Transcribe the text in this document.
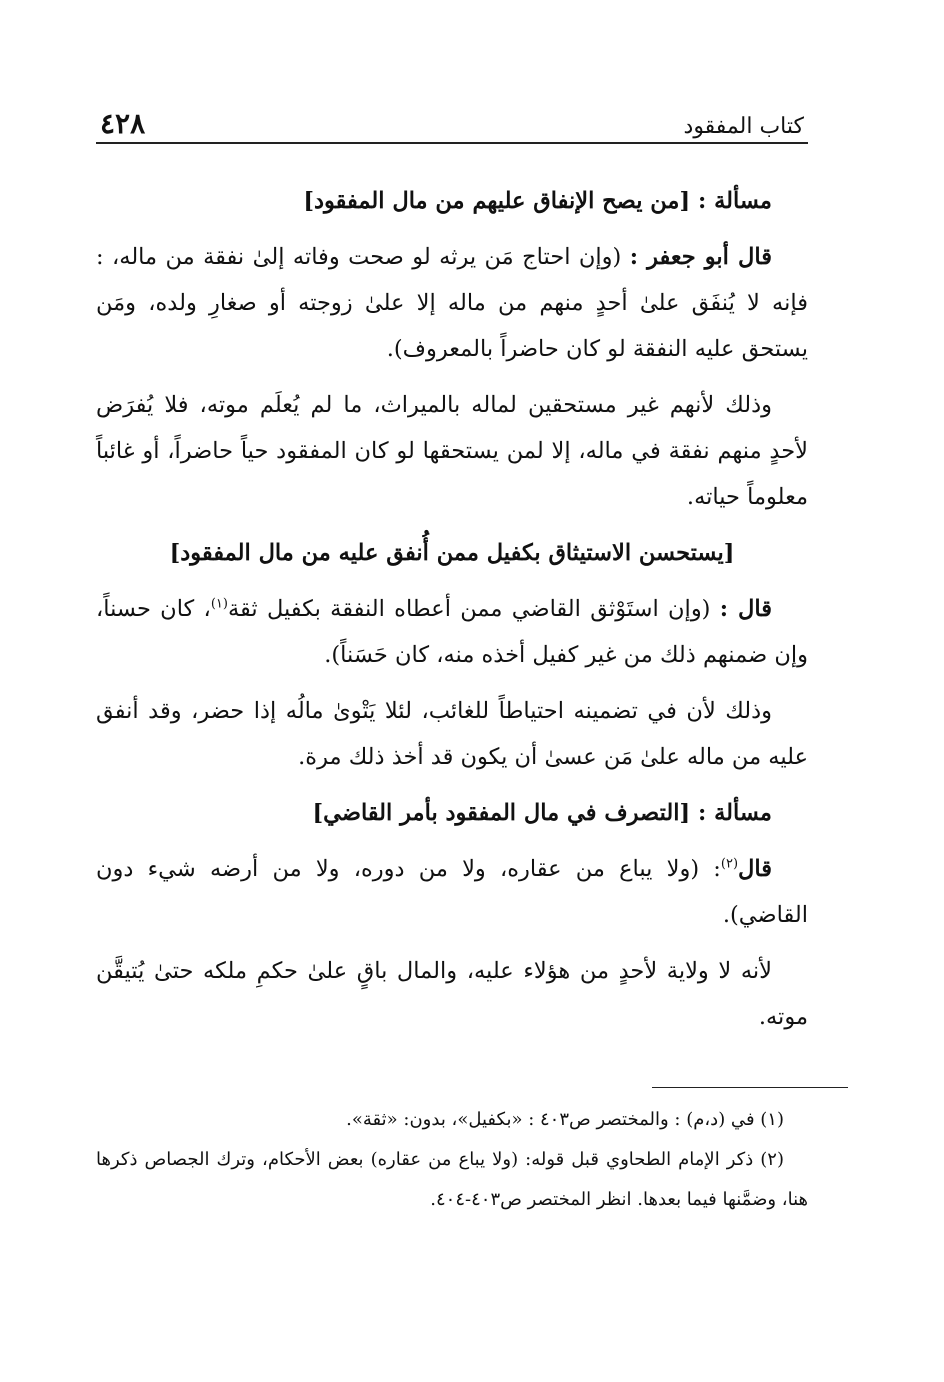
كتاب المفقود
٤٢٨

مسألة : [من يصح الإنفاق عليهم من مال المفقود]

قال أبو جعفر : (وإن احتاج مَن يرثه لو صحت وفاته إلىٰ نفقة من ماله، : فإنه لا يُنفَق علىٰ أحدٍ منهم من ماله إلا علىٰ زوجته أو صغارِ ولده، ومَن يستحق عليه النفقة لو كان حاضراً بالمعروف).

وذلك لأنهم غير مستحقين لماله بالميراث، ما لم يُعلَم موته، فلا يُفرَض لأحدٍ منهم نفقة في ماله، إلا لمن يستحقها لو كان المفقود حياً حاضراً، أو غائباً معلوماً حياته.

[يستحسن الاستيثاق بكفيل ممن أُنفق عليه من مال المفقود]

قال : (وإن استَوْثق القاضي ممن أعطاه النفقة بكفيل ثقة$^{(١)}$، كان حسناً، وإن ضمنهم ذلك من غير كفيل أخذه منه، كان حَسَناً).

وذلك لأن في تضمينه احتياطاً للغائب، لئلا يَتْوىٰ مالُه إذا حضر، وقد أنفق عليه من ماله علىٰ مَن عسىٰ أن يكون قد أخذ ذلك مرة.

مسألة : [التصرف في مال المفقود بأمر القاضي]

قال$^{(٢)}$: (ولا يباع من عقاره، ولا من دوره، ولا من أرضه شيء دون القاضي).

لأنه لا ولاية لأحدٍ من هؤلاء عليه، والمال باقٍ علىٰ حكمِ ملكه حتىٰ يُتيقَّن موته.

(١) في (د،م) : والمختصر ص٤٠٣ : «بكفيل»، بدون: «ثقة».

(٢) ذكر الإمام الطحاوي قبل قوله: (ولا يباع من عقاره) بعض الأحكام، وترك الجصاص ذكرها هنا، وضمَّنها فيما بعدها. انظر المختصر ص٤٠٣-٤٠٤.
